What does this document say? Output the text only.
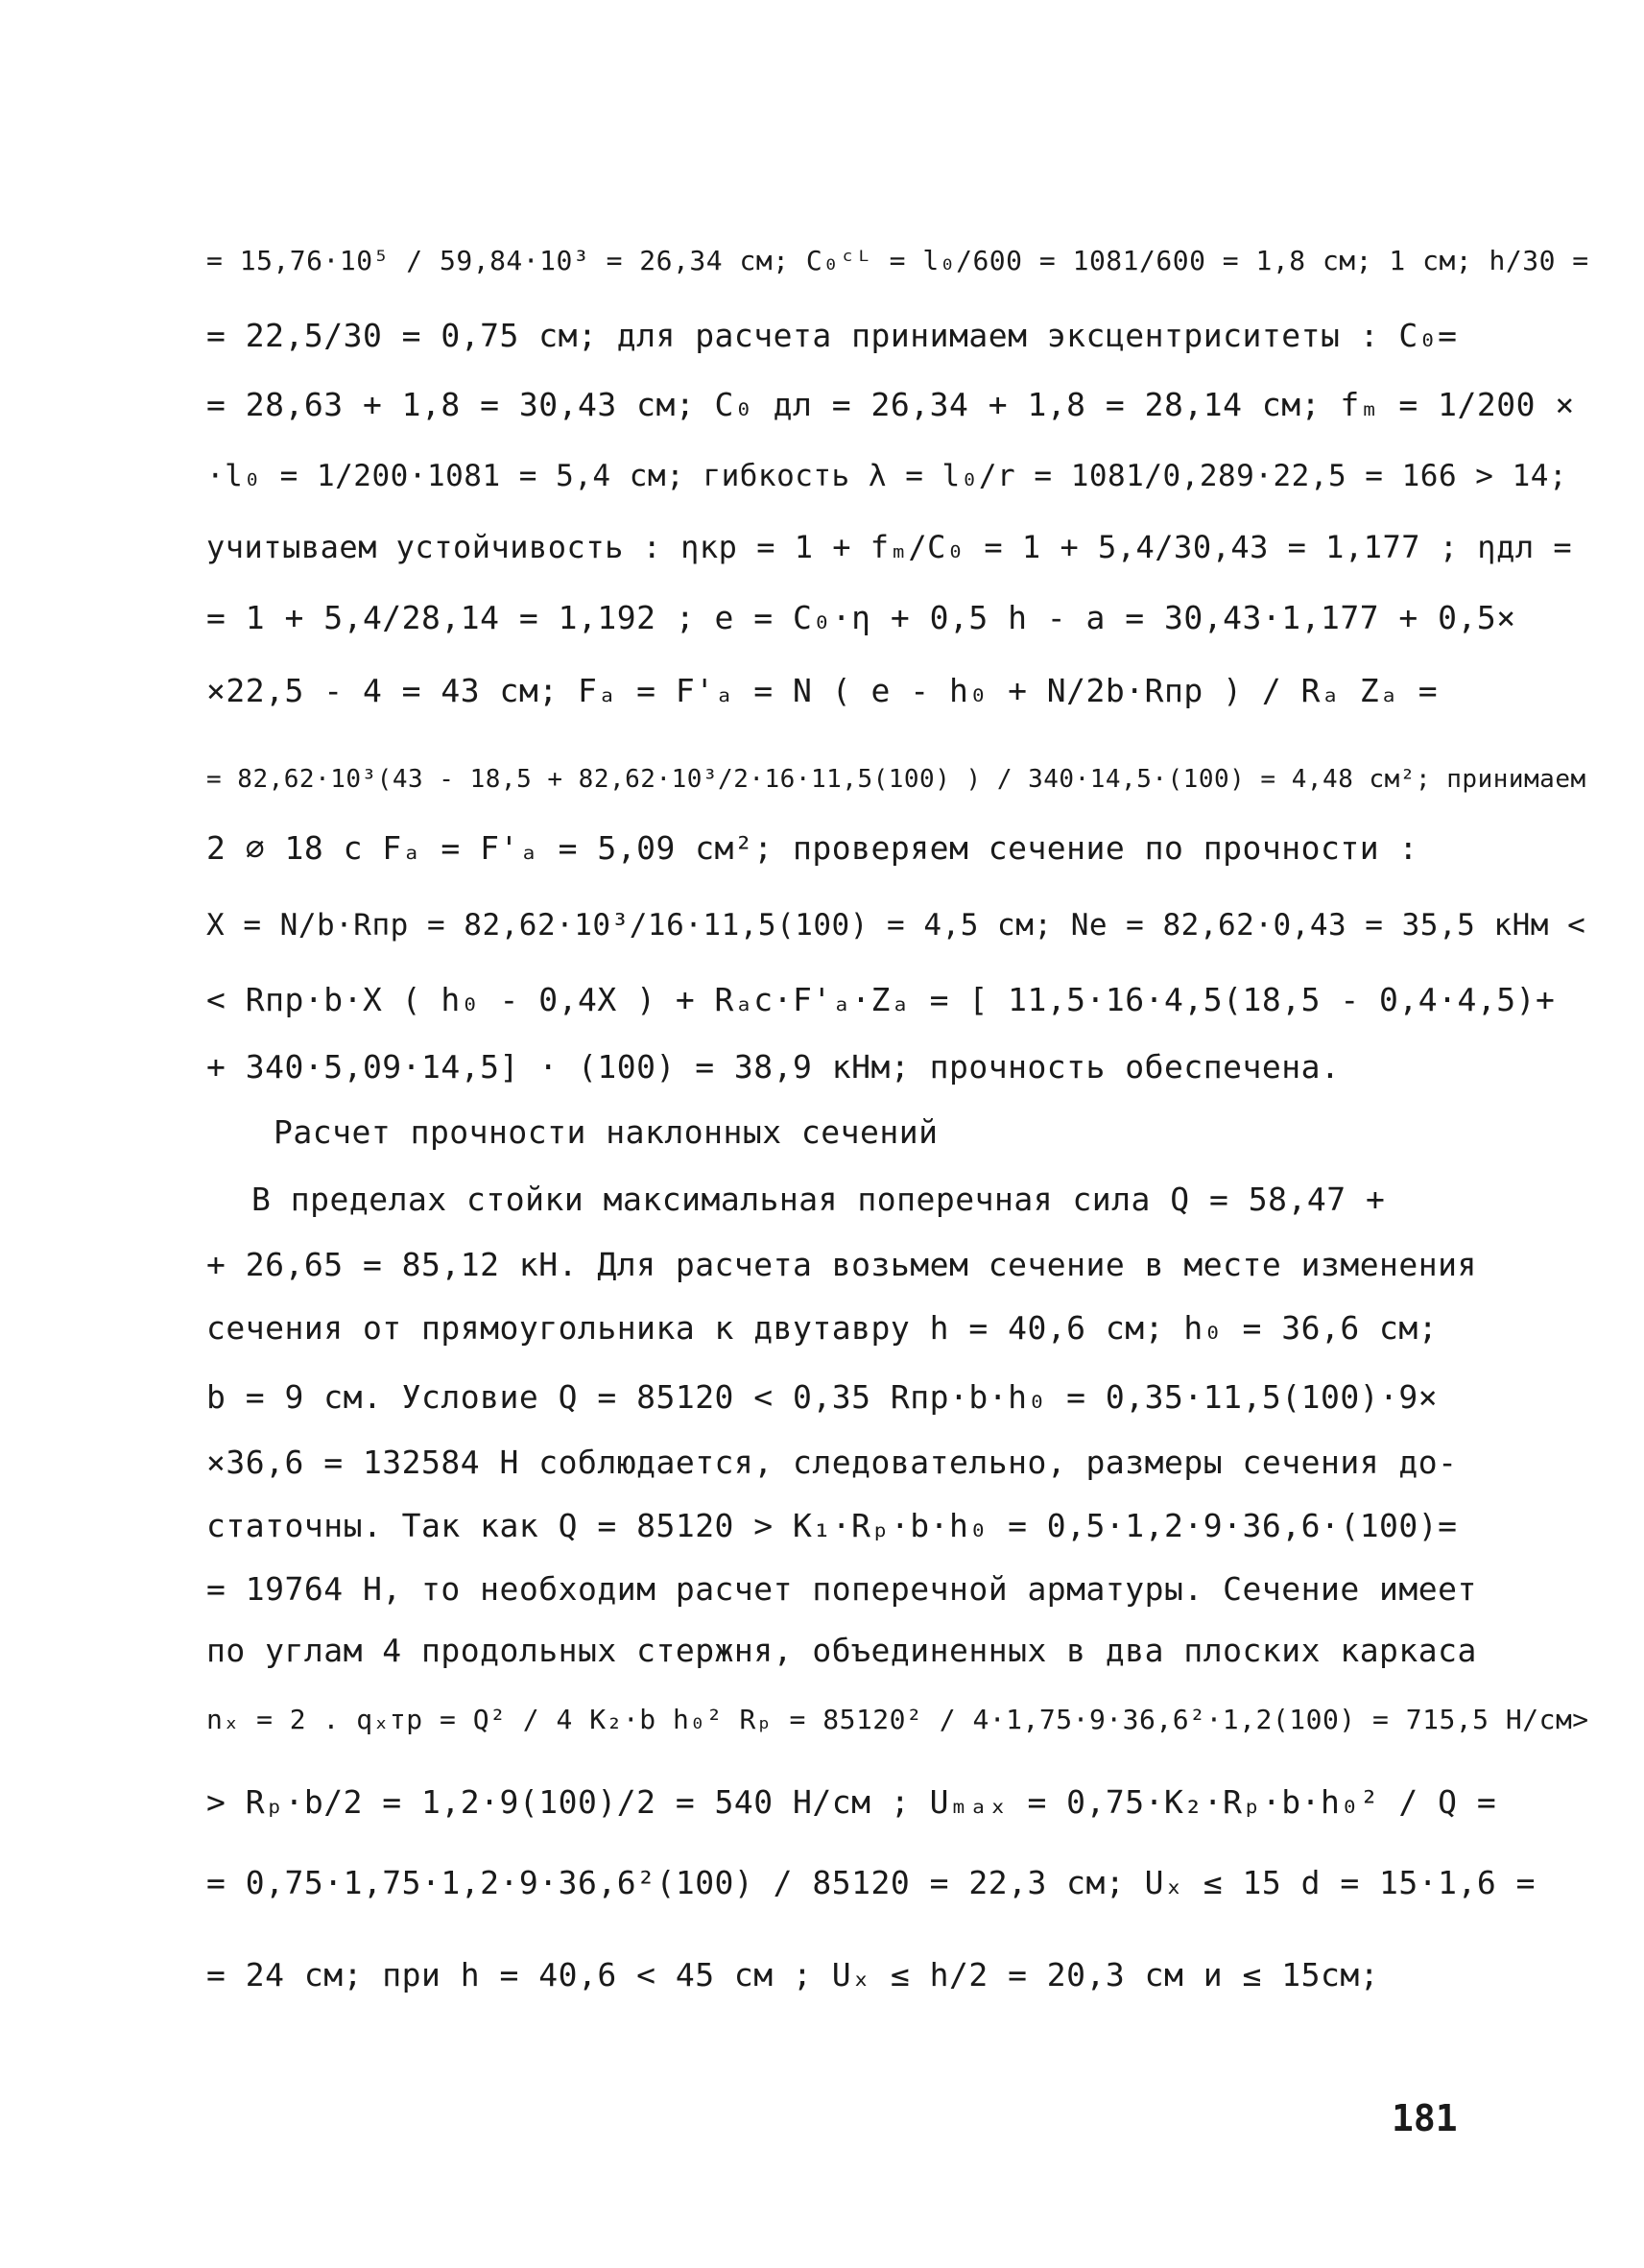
= 15,76·10⁵ / 59,84·10³ = 26,34 см; C₀ᶜᴸ = l₀/600 = 1081/600 = 1,8 см; 1 см; h/30 =
= 22,5/30 = 0,75 см; для расчета принимаем эксцентриситеты : C₀=
= 28,63 + 1,8 = 30,43 см; C₀ дл = 26,34 + 1,8 = 28,14 см; fₘ = 1/200 ×
·l₀ = 1/200·1081 = 5,4 см; гибкость λ = l₀/r = 1081/0,289·22,5 = 166 > 14;
учитываем устойчивость : ηкр = 1 + fₘ/C₀ = 1 + 5,4/30,43 = 1,177 ; ηдл =
= 1 + 5,4/28,14 = 1,192 ; e = C₀·η + 0,5 h - a = 30,43·1,177 + 0,5×
×22,5 - 4 = 43 см; Fₐ = F'ₐ = N ( e - h₀ + N/2b·Rпр ) / Rₐ Zₐ =
= 82,62·10³(43 - 18,5 + 82,62·10³/2·16·11,5(100) ) / 340·14,5·(100) = 4,48 см²; принимаем
2 ∅ 18 с Fₐ = F'ₐ = 5,09 см²; проверяем сечение по прочности :
X = N/b·Rпр = 82,62·10³/16·11,5(100) = 4,5 см; Ne = 82,62·0,43 = 35,5 кНм <
< Rпр·b·X ( h₀ - 0,4X ) + Rₐc·F'ₐ·Zₐ = [ 11,5·16·4,5(18,5 - 0,4·4,5)+
+ 340·5,09·14,5] · (100) = 38,9 кНм; прочность обеспечена.
Расчет прочности наклонных сечений
В пределах стойки максимальная поперечная сила Q = 58,47 +
+ 26,65 = 85,12 кН. Для расчета возьмем сечение в месте изменения
сечения от прямоугольника к двутавру h = 40,6 см; h₀ = 36,6 см;
b = 9 см. Условие Q = 85120 < 0,35 Rпр·b·h₀ = 0,35·11,5(100)·9×
×36,6 = 132584 Н соблюдается, следовательно, размеры сечения до-
статочны. Так как Q = 85120 > K₁·Rₚ·b·h₀ = 0,5·1,2·9·36,6·(100)=
= 19764 Н, то необходим расчет поперечной арматуры. Сечение имеет
по углам 4 продольных стержня, объединенных в два плоских каркаса
nₓ = 2 . qₓтр = Q² / 4 K₂·b h₀² Rₚ = 85120² / 4·1,75·9·36,6²·1,2(100) = 715,5 Н/см>
> Rₚ·b/2 = 1,2·9(100)/2 = 540 Н/см ; Uₘₐₓ = 0,75·K₂·Rₚ·b·h₀² / Q =
= 0,75·1,75·1,2·9·36,6²(100) / 85120 = 22,3 см; Uₓ ≤ 15 d = 15·1,6 =
= 24 см; при h = 40,6 < 45 см ; Uₓ ≤ h/2 = 20,3 см и ≤ 15см;
181
